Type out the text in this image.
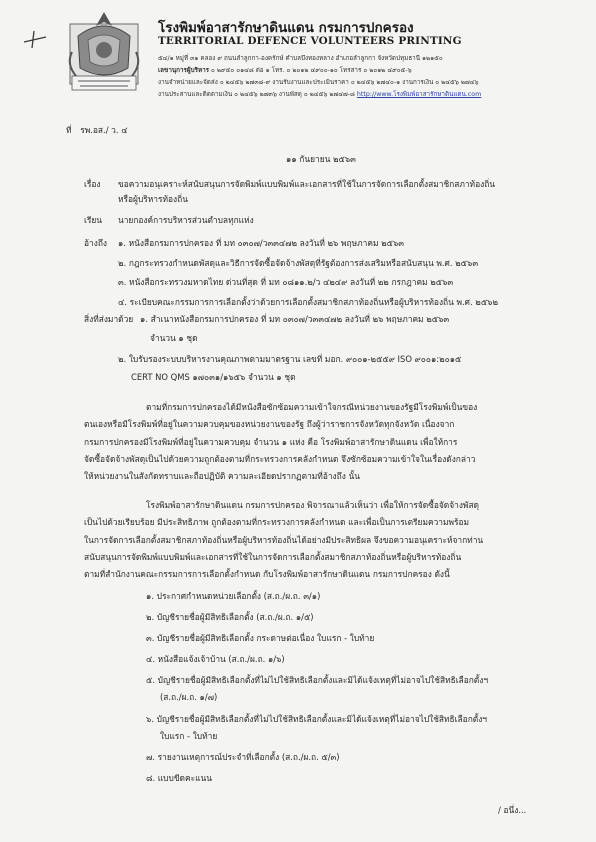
โรงพิมพ์อาสารักษาดินแดน กรมการปกครอง
TERRITORIAL DEFENCE VOLUNTEERS PRINTING
๕๔/๑ หมู่ที่ ๓๑ คลอง ๙ ถนนลำลูกกา-องครักษ์ ตำบลบึงทองหลาง อำเภอลำลูกกา จังหวัดปทุมธานี ๑๒๑๕๐
เลขานุการผู้บริหาร ๐ ๒๙๕๐ ๐๑๔๘ ต่อ ๑ โทร. ๐ ๒๐๑๒ ๔๙๐๐-๑๐ โทรสาร ๐ ๒๐๑๒ ๔๙๐๕-๖
งานจำหน่ายและจัดส่ง ๐ ๒๔๕๖ ๒๗๓๘-๙ งานรับงานและประเมินราคา ๐ ๒๔๕๖ ๒๗๔๐-๑ งานการเงิน ๐ ๒๔๕๖ ๒๗๔๖
งานประสานและติดตามเงิน ๐ ๒๔๕๖ ๒๗๓๖ งานพัสดุ ๐ ๒๔๕๖ ๒๗๔๗-๘ http://www.โรงพิมพ์อาสารักษาดินแดน.com
ที่ รพ.อส./ ว. ๔
๑๑ กันยายน ๒๕๖๓
เรื่อง ขอความอนุเคราะห์สนับสนุนการจัดพิมพ์แบบพิมพ์และเอกสารที่ใช้ในการจัดการเลือกตั้งสมาชิกสภาท้องถิ่น
หรือผู้บริหารท้องถิ่น
เรียน นายกองค์การบริหารส่วนตำบลทุกแห่ง
อ้างถึง ๑. หนังสือกรมการปกครอง ที่ มท ๐๓๐๗/ว๓๓๔๗๒ ลงวันที่ ๒๖ พฤษภาคม ๒๕๖๓
๒. กฎกระทรวงกำหนดพัสดุและวิธีการจัดซื้อจัดจ้างพัสดุที่รัฐต้องการส่งเสริมหรือสนับสนุน พ.ศ. ๒๕๖๓
๓. หนังสือกระทรวงมหาดไทย ด่วนที่สุด ที่ มท ๐๘๑๑.๒/ว ๔๒๔๙ ลงวันที่ ๒๒ กรกฎาคม ๒๕๖๓
๔. ระเบียบคณะกรรมการการเลือกตั้งว่าด้วยการเลือกตั้งสมาชิกสภาท้องถิ่นหรือผู้บริหารท้องถิ่น พ.ศ. ๒๕๖๒
สิ่งที่ส่งมาด้วย ๑. สำเนาหนังสือกรมการปกครอง ที่ มท ๐๓๐๗/ว๓๓๔๗๒ ลงวันที่ ๒๖ พฤษภาคม ๒๕๖๓
จำนวน ๑ ชุด
๒. ใบรับรองระบบบริหารงานคุณภาพตามมาตรฐาน เลขที่ มอก. ๙๐๐๑-๒๕๕๙ ISO ๙๐๐๑:๒๐๑๕
CERT NO QMS ๑๗๐๓๑/๑๖๕๖ จำนวน ๑ ชุด
ตามที่กรมการปกครองได้มีหนังสือซักซ้อมความเข้าใจกรณีหน่วยงานของรัฐมีโรงพิมพ์เป็นของ
ตนเองหรือมีโรงพิมพ์ที่อยู่ในความควบคุมของหน่วยงานของรัฐ ถึงผู้ว่าราชการจังหวัดทุกจังหวัด เนื่องจาก
กรมการปกครองมีโรงพิมพ์ที่อยู่ในความควบคุม จำนวน ๑ แห่ง คือ โรงพิมพ์อาสารักษาดินแดน เพื่อให้การ
จัดซื้อจัดจ้างพัสดุเป็นไปด้วยความถูกต้องตามที่กระทรวงการคลังกำหนด จึงซักซ้อมความเข้าใจในเรื่องดังกล่าว
ให้หน่วยงานในสังกัดทราบและถือปฏิบัติ ความละเอียดปรากฏตามที่อ้างถึง นั้น
โรงพิมพ์อาสารักษาดินแดน กรมการปกครอง พิจารณาแล้วเห็นว่า เพื่อให้การจัดซื้อจัดจ้างพัสดุ
เป็นไปด้วยเรียบร้อย มีประสิทธิภาพ ถูกต้องตามที่กระทรวงการคลังกำหนด และเพื่อเป็นการเตรียมความพร้อม
ในการจัดการเลือกตั้งสมาชิกสภาท้องถิ่นหรือผู้บริหารท้องถิ่นได้อย่างมีประสิทธิผล จึงขอความอนุเคราะห์จากท่าน
สนับสนุนการจัดพิมพ์แบบพิมพ์และเอกสารที่ใช้ในการจัดการเลือกตั้งสมาชิกสภาท้องถิ่นหรือผู้บริหารท้องถิ่น
ตามที่สำนักงานคณะกรรมการการเลือกตั้งกำหนด กับโรงพิมพ์อาสารักษาดินแดน กรมการปกครอง ดังนี้
๑. ประกาศกำหนดหน่วยเลือกตั้ง (ส.ถ./ผ.ถ. ๓/๑)
๒. บัญชีรายชื่อผู้มีสิทธิเลือกตั้ง (ส.ถ./ผ.ถ. ๑/๕)
๓. บัญชีรายชื่อผู้มีสิทธิเลือกตั้ง กระดาษต่อเนื่อง ใบแรก - ใบท้าย
๔. หนังสือแจ้งเจ้าบ้าน (ส.ถ./ผ.ถ. ๑/๖)
๕. บัญชีรายชื่อผู้มีสิทธิเลือกตั้งที่ไม่ไปใช้สิทธิเลือกตั้งและมิได้แจ้งเหตุที่ไม่อาจไปใช้สิทธิเลือกตั้งฯ
(ส.ถ./ผ.ถ. ๑/๗)
๖. บัญชีรายชื่อผู้มีสิทธิเลือกตั้งที่ไม่ไปใช้สิทธิเลือกตั้งและมิได้แจ้งเหตุที่ไม่อาจไปใช้สิทธิเลือกตั้งฯ
ใบแรก - ใบท้าย
๗. รายงานเหตุการณ์ประจำที่เลือกตั้ง (ส.ถ./ผ.ถ. ๕/๓)
๘. แบบขีดคะแนน
/ อนึ่ง...
